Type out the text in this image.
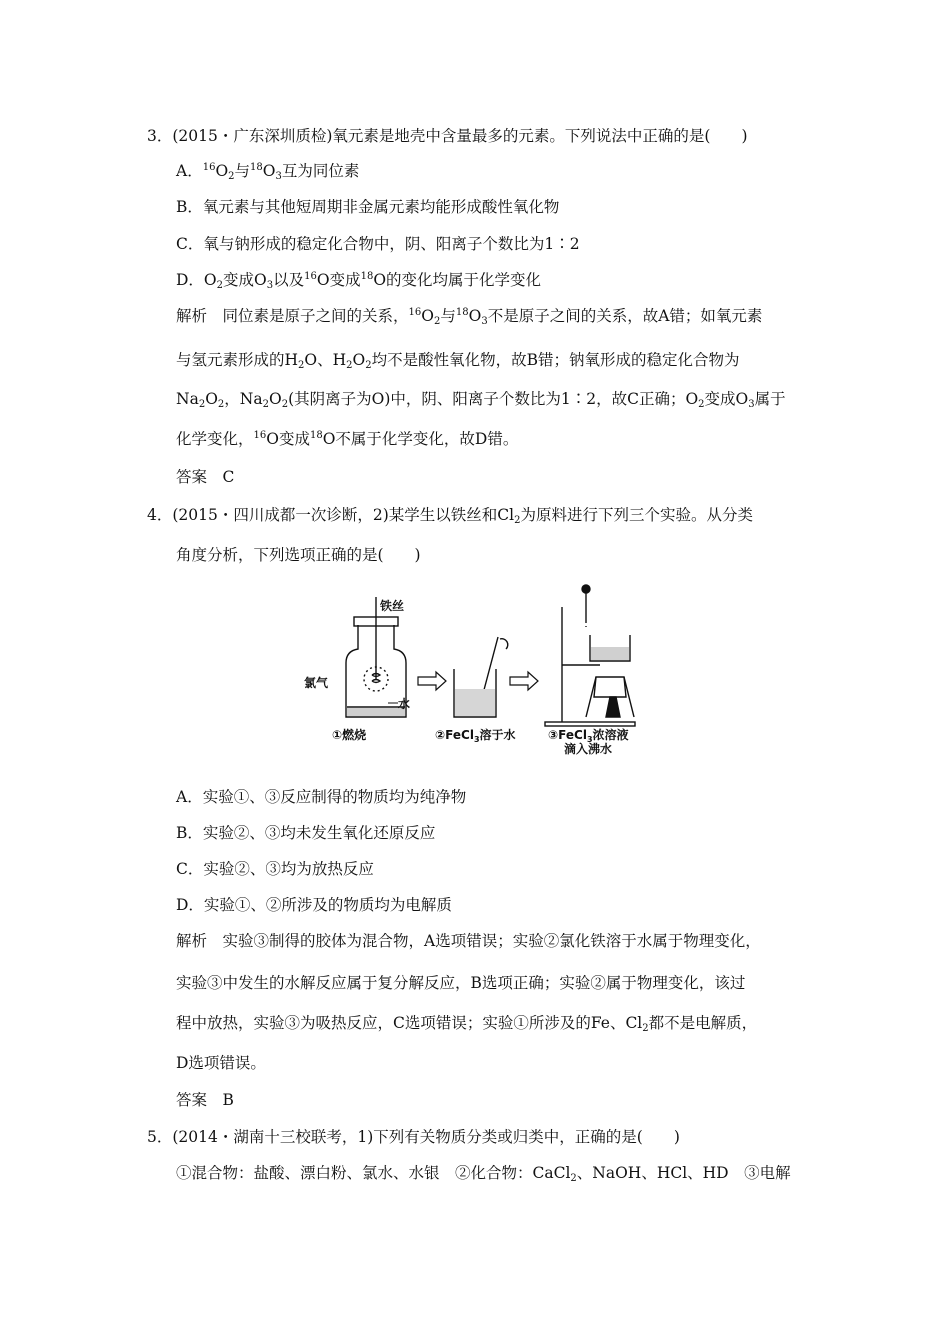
3．(2015・广东深圳质检)氧元素是地壳中含量最多的元素。下列说法中正确的是(　　)
A．$^{16}O_2$与$^{18}O_3$互为同位素
B．氧元素与其他短周期非金属元素均能形成酸性氧化物
C．氧与钠形成的稳定化合物中，阴、阳离子个数比为1∶2
D．$O_2$变成$O_3$以及$^{16}$O变成$^{18}$O的变化均属于化学变化
解析　同位素是原子之间的关系，$^{16}O_2$与$^{18}O_3$不是原子之间的关系，故A错；如氧元素
与氢元素形成的$H_2O$、$H_2O_2$均不是酸性氧化物，故B错；钠氧形成的稳定化合物为
$Na_2O_2$，$Na_2O_2$(其阴离子为O)中，阴、阳离子个数比为1∶2，故C正确；$O_2$变成$O_3$属于
化学变化，$^{16}$O变成$^{18}$O不属于化学变化，故D错。
答案　C
4．(2015・四川成都一次诊断，2)某学生以铁丝和$Cl_2$为原料进行下列三个实验。从分类
角度分析，下列选项正确的是(　　)
铁丝
氯气
水
①燃烧	②FeCl$_3$溶于水	③FeCl$_3$浓溶液
滴入沸水
A．实验①、③反应制得的物质均为纯净物
B．实验②、③均未发生氧化还原反应
C．实验②、③均为放热反应
D．实验①、②所涉及的物质均为电解质
解析　实验③制得的胶体为混合物，A选项错误；实验②氯化铁溶于水属于物理变化，
实验③中发生的水解反应属于复分解反应，B选项正确；实验②属于物理变化，该过
程中放热，实验③为吸热反应，C选项错误；实验①所涉及的Fe、$Cl_2$都不是电解质，
D选项错误。
答案　B
5．(2014・湖南十三校联考，1)下列有关物质分类或归类中，正确的是(　　)
①混合物：盐酸、漂白粉、氯水、水银　②化合物：CaCl$_2$、NaOH、HCl、HD　③电解
